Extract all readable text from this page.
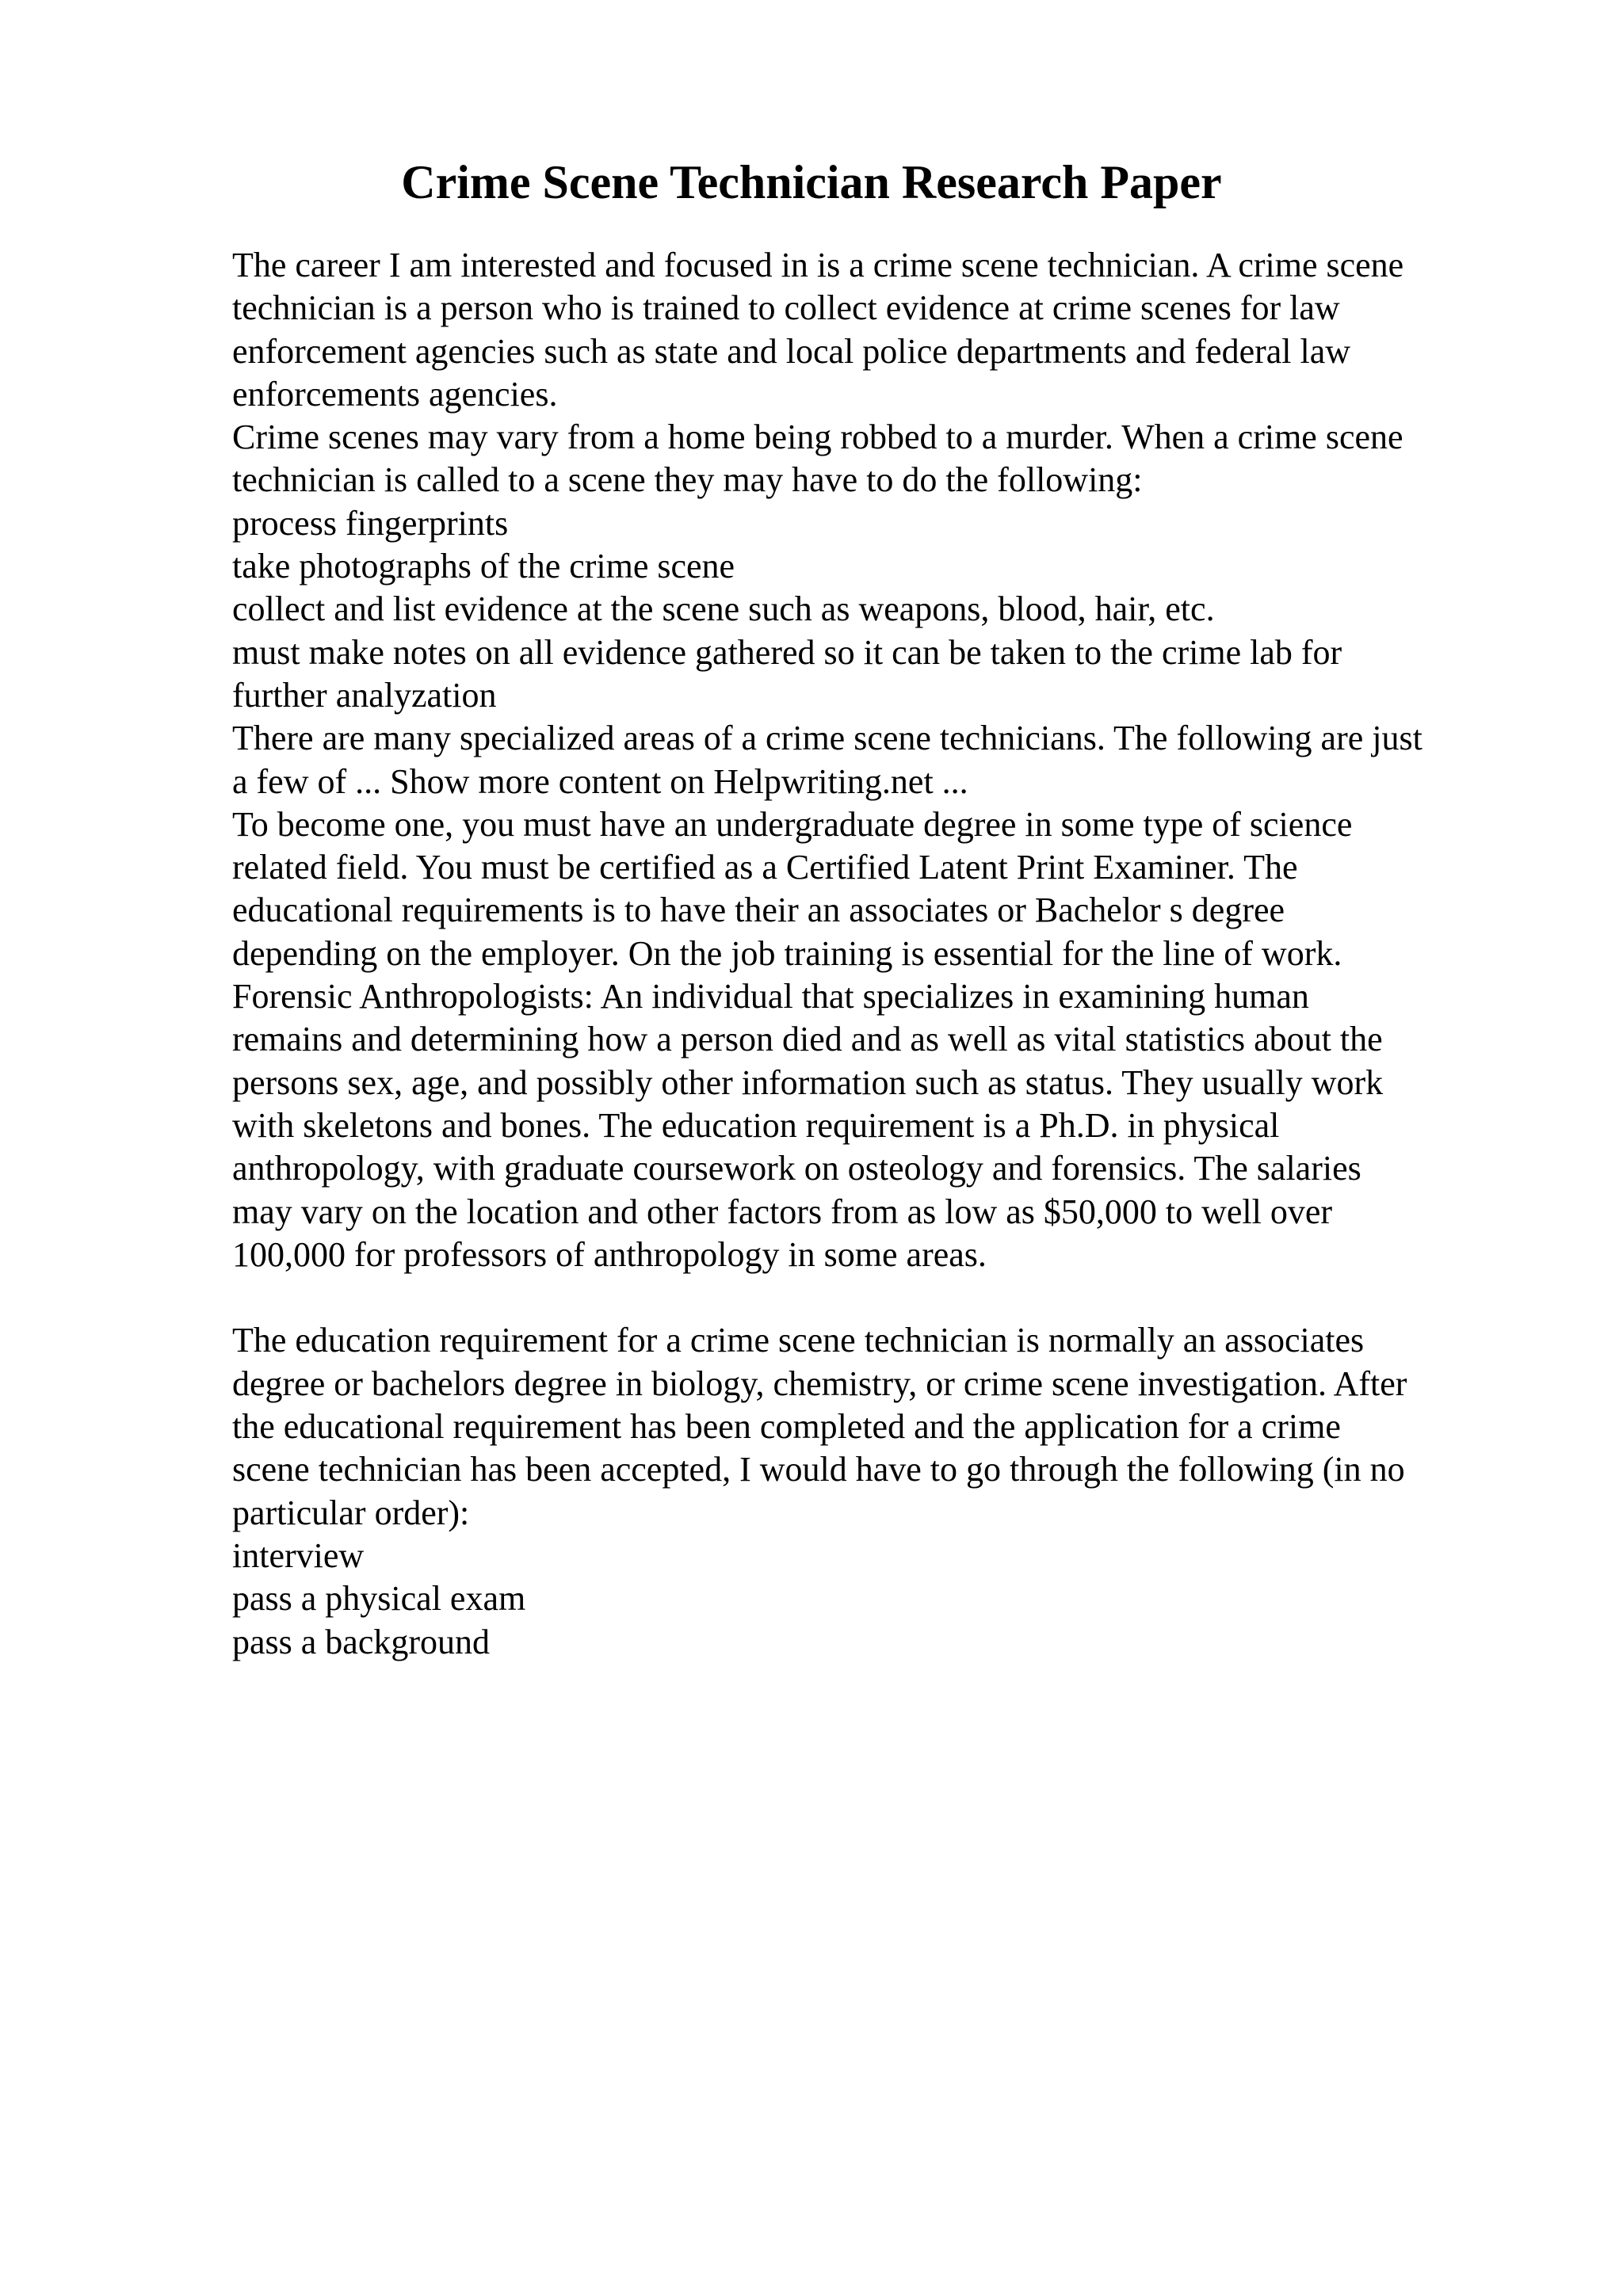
Crime Scene Technician Research Paper
The career I am interested and focused in is a crime scene technician. A crime scene
technician is a person who is trained to collect evidence at crime scenes for law
enforcement agencies such as state and local police departments and federal law
enforcements agencies.
Crime scenes may vary from a home being robbed to a murder. When a crime scene
technician is called to a scene they may have to do the following:
process fingerprints
take photographs of the crime scene
collect and list evidence at the scene such as weapons, blood, hair, etc.
must make notes on all evidence gathered so it can be taken to the crime lab for
further analyzation
There are many specialized areas of a crime scene technicians. The following are just
a few of ... Show more content on Helpwriting.net ...
To become one, you must have an undergraduate degree in some type of science
related field. You must be certified as a Certified Latent Print Examiner. The
educational requirements is to have their an associates or Bachelor s degree
depending on the employer. On the job training is essential for the line of work.
Forensic Anthropologists: An individual that specializes in examining human
remains and determining how a person died and as well as vital statistics about the
persons sex, age, and possibly other information such as status. They usually work
with skeletons and bones. The education requirement is a Ph.D. in physical
anthropology, with graduate coursework on osteology and forensics. The salaries
may vary on the location and other factors from as low as $50,000 to well over
100,000 for professors of anthropology in some areas.
The education requirement for a crime scene technician is normally an associates
degree or bachelors degree in biology, chemistry, or crime scene investigation. After
the educational requirement has been completed and the application for a crime
scene technician has been accepted, I would have to go through the following (in no
particular order):
interview
pass a physical exam
pass a background
